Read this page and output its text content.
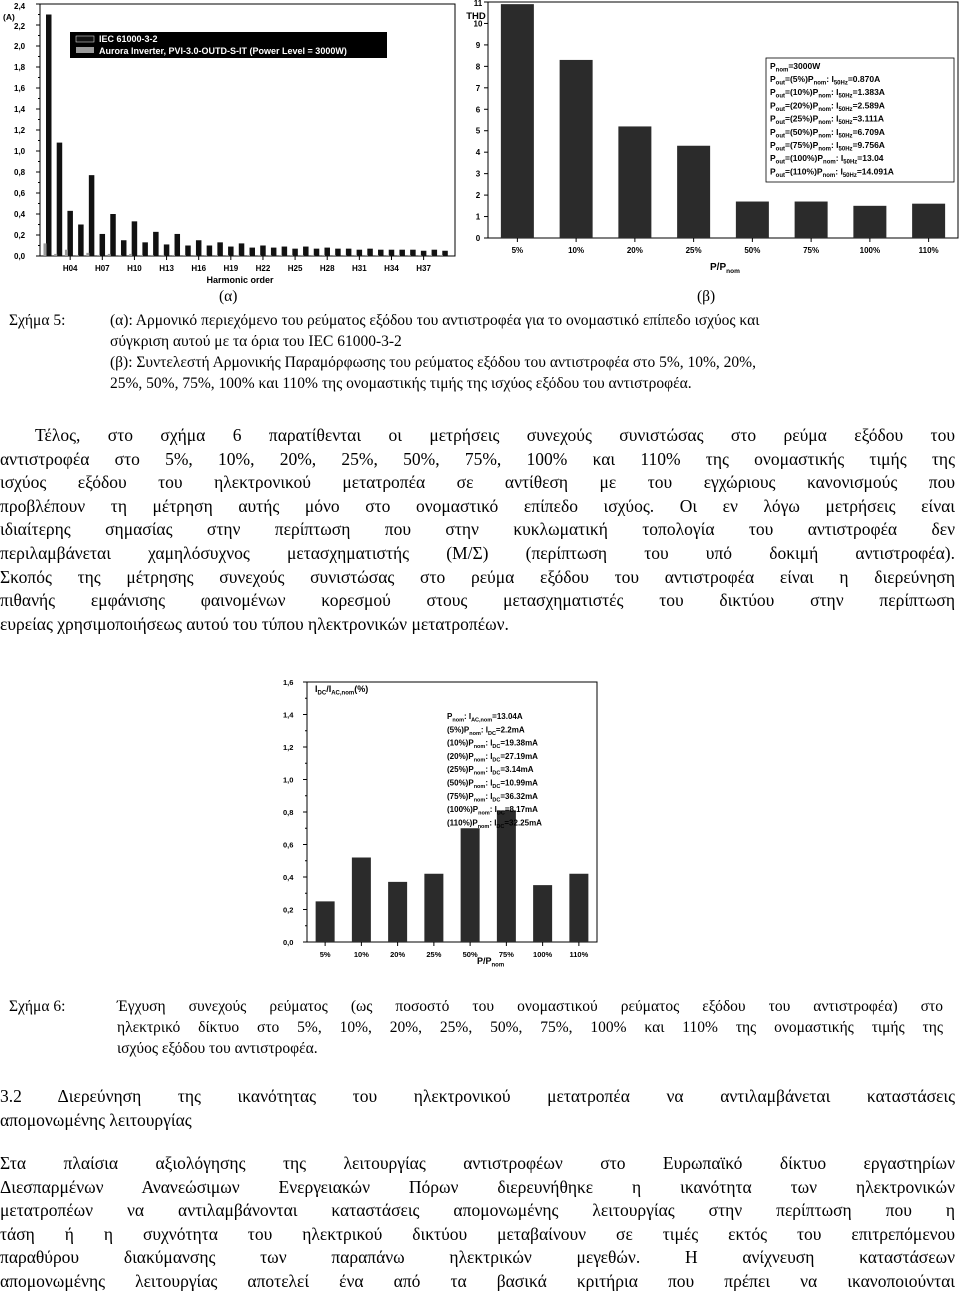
0,0
0,2
0,4
0,6
0,8
1,0
1,2
1,4
1,6
1,8
2,0
2,4
2,2
H04 H07 H10 H13 H16 H19 H22 H25 H28 H31 H34 H37
IEC 61000-3-2
Aurora Inverter, PVI-3.0-OUTD-S-IT (Power Level = 3000W)
(A)
Harmonic order
0
1
2
3
4
5
6
7
8
9
10
11
5%	10%	20%	25%	50%	75%	100%	110%
THD
$P/P_{nom}$
$P_{nom}=3000W$
$P_{out}=(5\%)P_{nom}$: $I_{50Hz}=0.870A$
$P_{out}=(10\%)P_{nom}$: $I_{50Hz}=1.383A$
$P_{out}=(20\%)P_{nom}$: $I_{50Hz}=2.589A$
$P_{out}=(25\%)P_{nom}$: $I_{50Hz}=3.111A$
$P_{out}=(50\%)P_{nom}$: $I_{50Hz}=6.709A$
$P_{out}=(75\%)P_{nom}$: $I_{50Hz}=9.756A$
$P_{out}=(100\%)P_{nom}$: $I_{50Hz}=13.04$
$P_{out}=(110\%)P_{nom}$: $I_{50Hz}=14.091A$
(α)	(β)
Σχήμα 5:	(α): Αρμονικό περιεχόμενο του ρεύματος εξόδου του αντιστροφέα για το ονομαστικό επίπεδο ισχύος και
σύγκριση αυτού με τα όρια του IEC 61000-3-2
(β): Συντελεστή Αρμονικής Παραμόρφωσης του ρεύματος εξόδου του αντιστροφέα στο 5%, 10%, 20%,
25%, 50%, 75%, 100% και 110% της ονομαστικής τιμής της ισχύος εξόδου του αντιστροφέα.
Τέλος, στο σχήμα 6 παρατίθενται οι μετρήσεις συνεχούς συνιστώσας στο ρεύμα εξόδου του
αντιστροφέα στο 5%, 10%, 20%, 25%, 50%, 75%, 100% και 110% της ονομαστικής τιμής της
ισχύος εξόδου του ηλεκτρονικού μετατροπέα σε αντίθεση με του εγχώριους κανονισμούς που
προβλέπουν τη μέτρηση αυτής μόνο στο ονομαστικό επίπεδο ισχύος. Οι εν λόγω μετρήσεις είναι
ιδιαίτερης σημασίας στην περίπτωση που στην κυκλωματική τοπολογία του αντιστροφέα δεν
περιλαμβάνεται χαμηλόσυχνος μετασχηματιστής (Μ/Σ) (περίπτωση του υπό δοκιμή αντιστροφέα).
Σκοπός της μέτρησης συνεχούς συνιστώσας στο ρεύμα εξόδου του αντιστροφέα είναι η διερεύνηση
πιθανής εμφάνισης φαινομένων κορεσμού στους μετασχηματιστές του δικτύου στην περίπτωση
ευρείας χρησιμοποιήσεως αυτού του τύπου ηλεκτρονικών μετατροπέων.
0,0
0,2
0,4
0,6
0,8
1,0
1,2
1,4
1,6
5%	10%	20%	25%	50%	75%	100% 110%
$I_{DC}/I_{AC,nom}(\%)$
$P/P_{nom}$
$P_{nom}$: $I_{AC,nom}=13.04A$
$(5\%)P_{nom}$: $I_{DC}=2.2mA$
$(10\%)P_{nom}$: $I_{DC}=19.38mA$
$(20\%)P_{nom}$: $I_{DC}=27.19mA$
$(25\%)P_{nom}$: $I_{DC}=3.14mA$
$(50\%)P_{nom}$: $I_{DC}=10.99mA$
$(75\%)P_{nom}$: $I_{DC}=36.32mA$
$(100\%)P_{nom}$: $I_{DC}=8.17mA$
$(110\%)P_{nom}$: $I_{DC}=32.25mA$
Σχήμα 6:	Έγχυση συνεχούς ρεύματος (ως ποσοστό του ονομαστικού ρεύματος εξόδου του αντιστροφέα) στο
ηλεκτρικό δίκτυο στο 5%, 10%, 20%, 25%, 50%, 75%, 100% και 110% της ονομαστικής τιμής της
ισχύος εξόδου του αντιστροφέα.
3.2 Διερεύνηση της ικανότητας του ηλεκτρονικού μετατροπέα να αντιλαμβάνεται καταστάσεις
απομονωμένης λειτουργίας
Στα πλαίσια αξιολόγησης της λειτουργίας αντιστροφέων στο Ευρωπαϊκό δίκτυο εργαστηρίων
Διεσπαρμένων Ανανεώσιμων Ενεργειακών Πόρων διερευνήθηκε η ικανότητα των ηλεκτρονικών
μετατροπέων να αντιλαμβάνονται καταστάσεις απομονωμένης λειτουργίας στην περίπτωση που η
τάση ή η συχνότητα του ηλεκτρικού δικτύου μεταβαίνουν σε τιμές εκτός του επιτρεπόμενου
παραθύρου διακύμανσης των παραπάνω ηλεκτρικών μεγεθών. Η ανίχνευση καταστάσεων
απομονωμένης λειτουργίας αποτελεί ένα από τα βασικά κριτήρια που πρέπει να ικανοποιούνται
